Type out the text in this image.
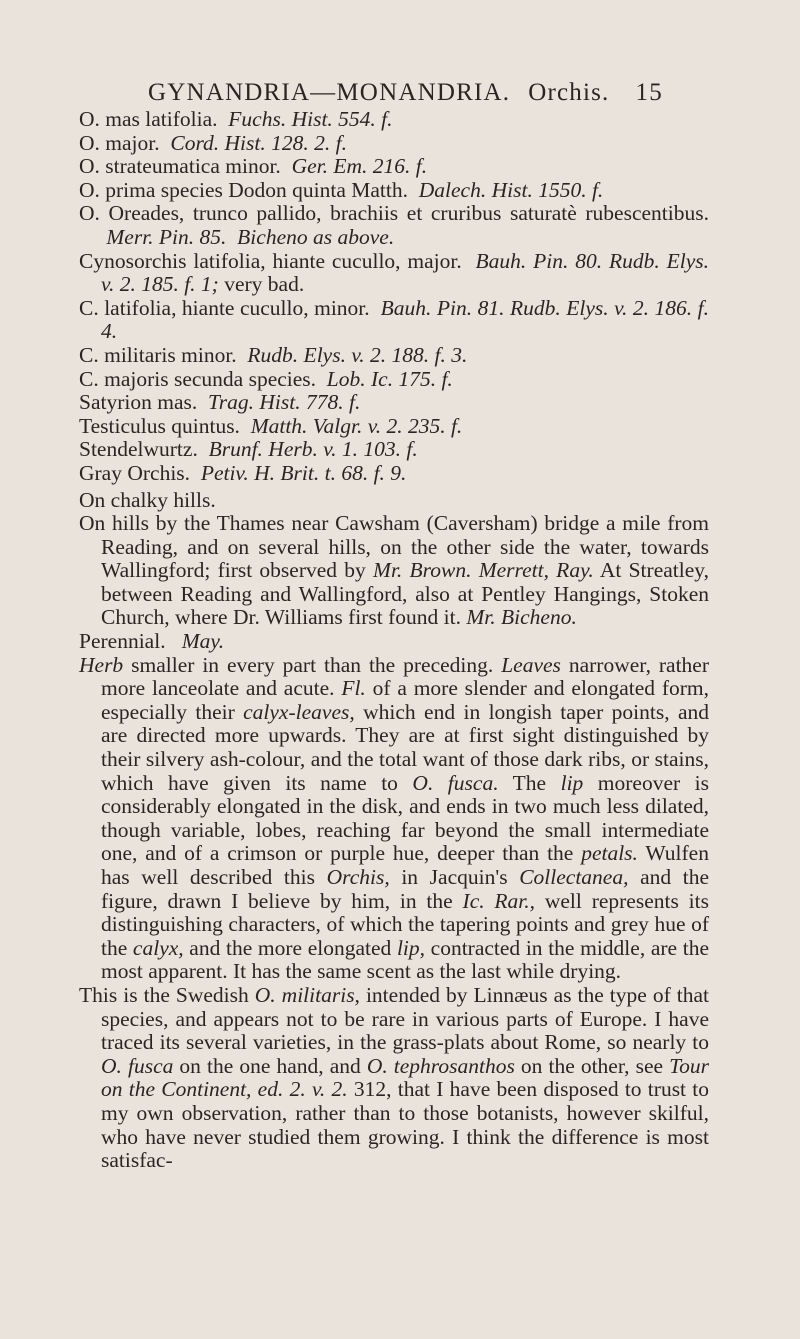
GYNANDRIA—MONANDRIA. Orchis. 15

O. mas latifolia. Fuchs. Hist. 554. f.

O. major. Cord. Hist. 128. 2. f.

O. strateumatica minor. Ger. Em. 216. f.

O. prima species Dodon quinta Matth. Dalech. Hist. 1550. f.

O. Oreades, trunco pallido, brachiis et cruribus saturatè rubescentibus.  Merr. Pin. 85. Bicheno as above.

Cynosorchis latifolia, hiante cucullo, major. Bauh. Pin. 80. Rudb. Elys. v. 2. 185. f. 1; very bad.

C. latifolia, hiante cucullo, minor. Bauh. Pin. 81. Rudb. Elys. v. 2. 186. f. 4.

C. militaris minor. Rudb. Elys. v. 2. 188. f. 3.

C. majoris secunda species. Lob. Ic. 175. f.

Satyrion mas. Trag. Hist. 778. f.

Testiculus quintus. Matth. Valgr. v. 2. 235. f.

Stendelwurtz. Brunf. Herb. v. 1. 103. f.

Gray Orchis. Petiv. H. Brit. t. 68. f. 9.

On chalky hills.

On hills by the Thames near Cawsham (Caversham) bridge a mile from Reading, and on several hills, on the other side the water, towards Wallingford; first observed by Mr. Brown. Merrett, Ray. At Streatley, between Reading and Wallingford, also at Pentley Hangings, Stoken Church, where Dr. Williams first found it. Mr. Bicheno.

Perennial. May.

Herb smaller in every part than the preceding. Leaves narrower, rather more lanceolate and acute. Fl. of a more slender and elongated form, especially their calyx-leaves, which end in longish taper points, and are directed more upwards. They are at first sight distinguished by their silvery ash-colour, and the total want of those dark ribs, or stains, which have given its name to O. fusca. The lip moreover is considerably elongated in the disk, and ends in two much less dilated, though variable, lobes, reaching far beyond the small intermediate one, and of a crimson or purple hue, deeper than the petals. Wulfen has well described this Orchis, in Jacquin's Collectanea, and the figure, drawn I believe by him, in the Ic. Rar., well represents its distinguishing characters, of which the tapering points and grey hue of the calyx, and the more elongated lip, contracted in the middle, are the most apparent. It has the same scent as the last while drying.

This is the Swedish O. militaris, intended by Linnæus as the type of that species, and appears not to be rare in various parts of Europe. I have traced its several varieties, in the grass-plats about Rome, so nearly to O. fusca on the one hand, and O. tephrosanthos on the other, see Tour on the Continent, ed. 2. v. 2. 312, that I have been disposed to trust to my own observation, rather than to those botanists, however skilful, who have never studied them growing. I think the difference is most satisfac-
